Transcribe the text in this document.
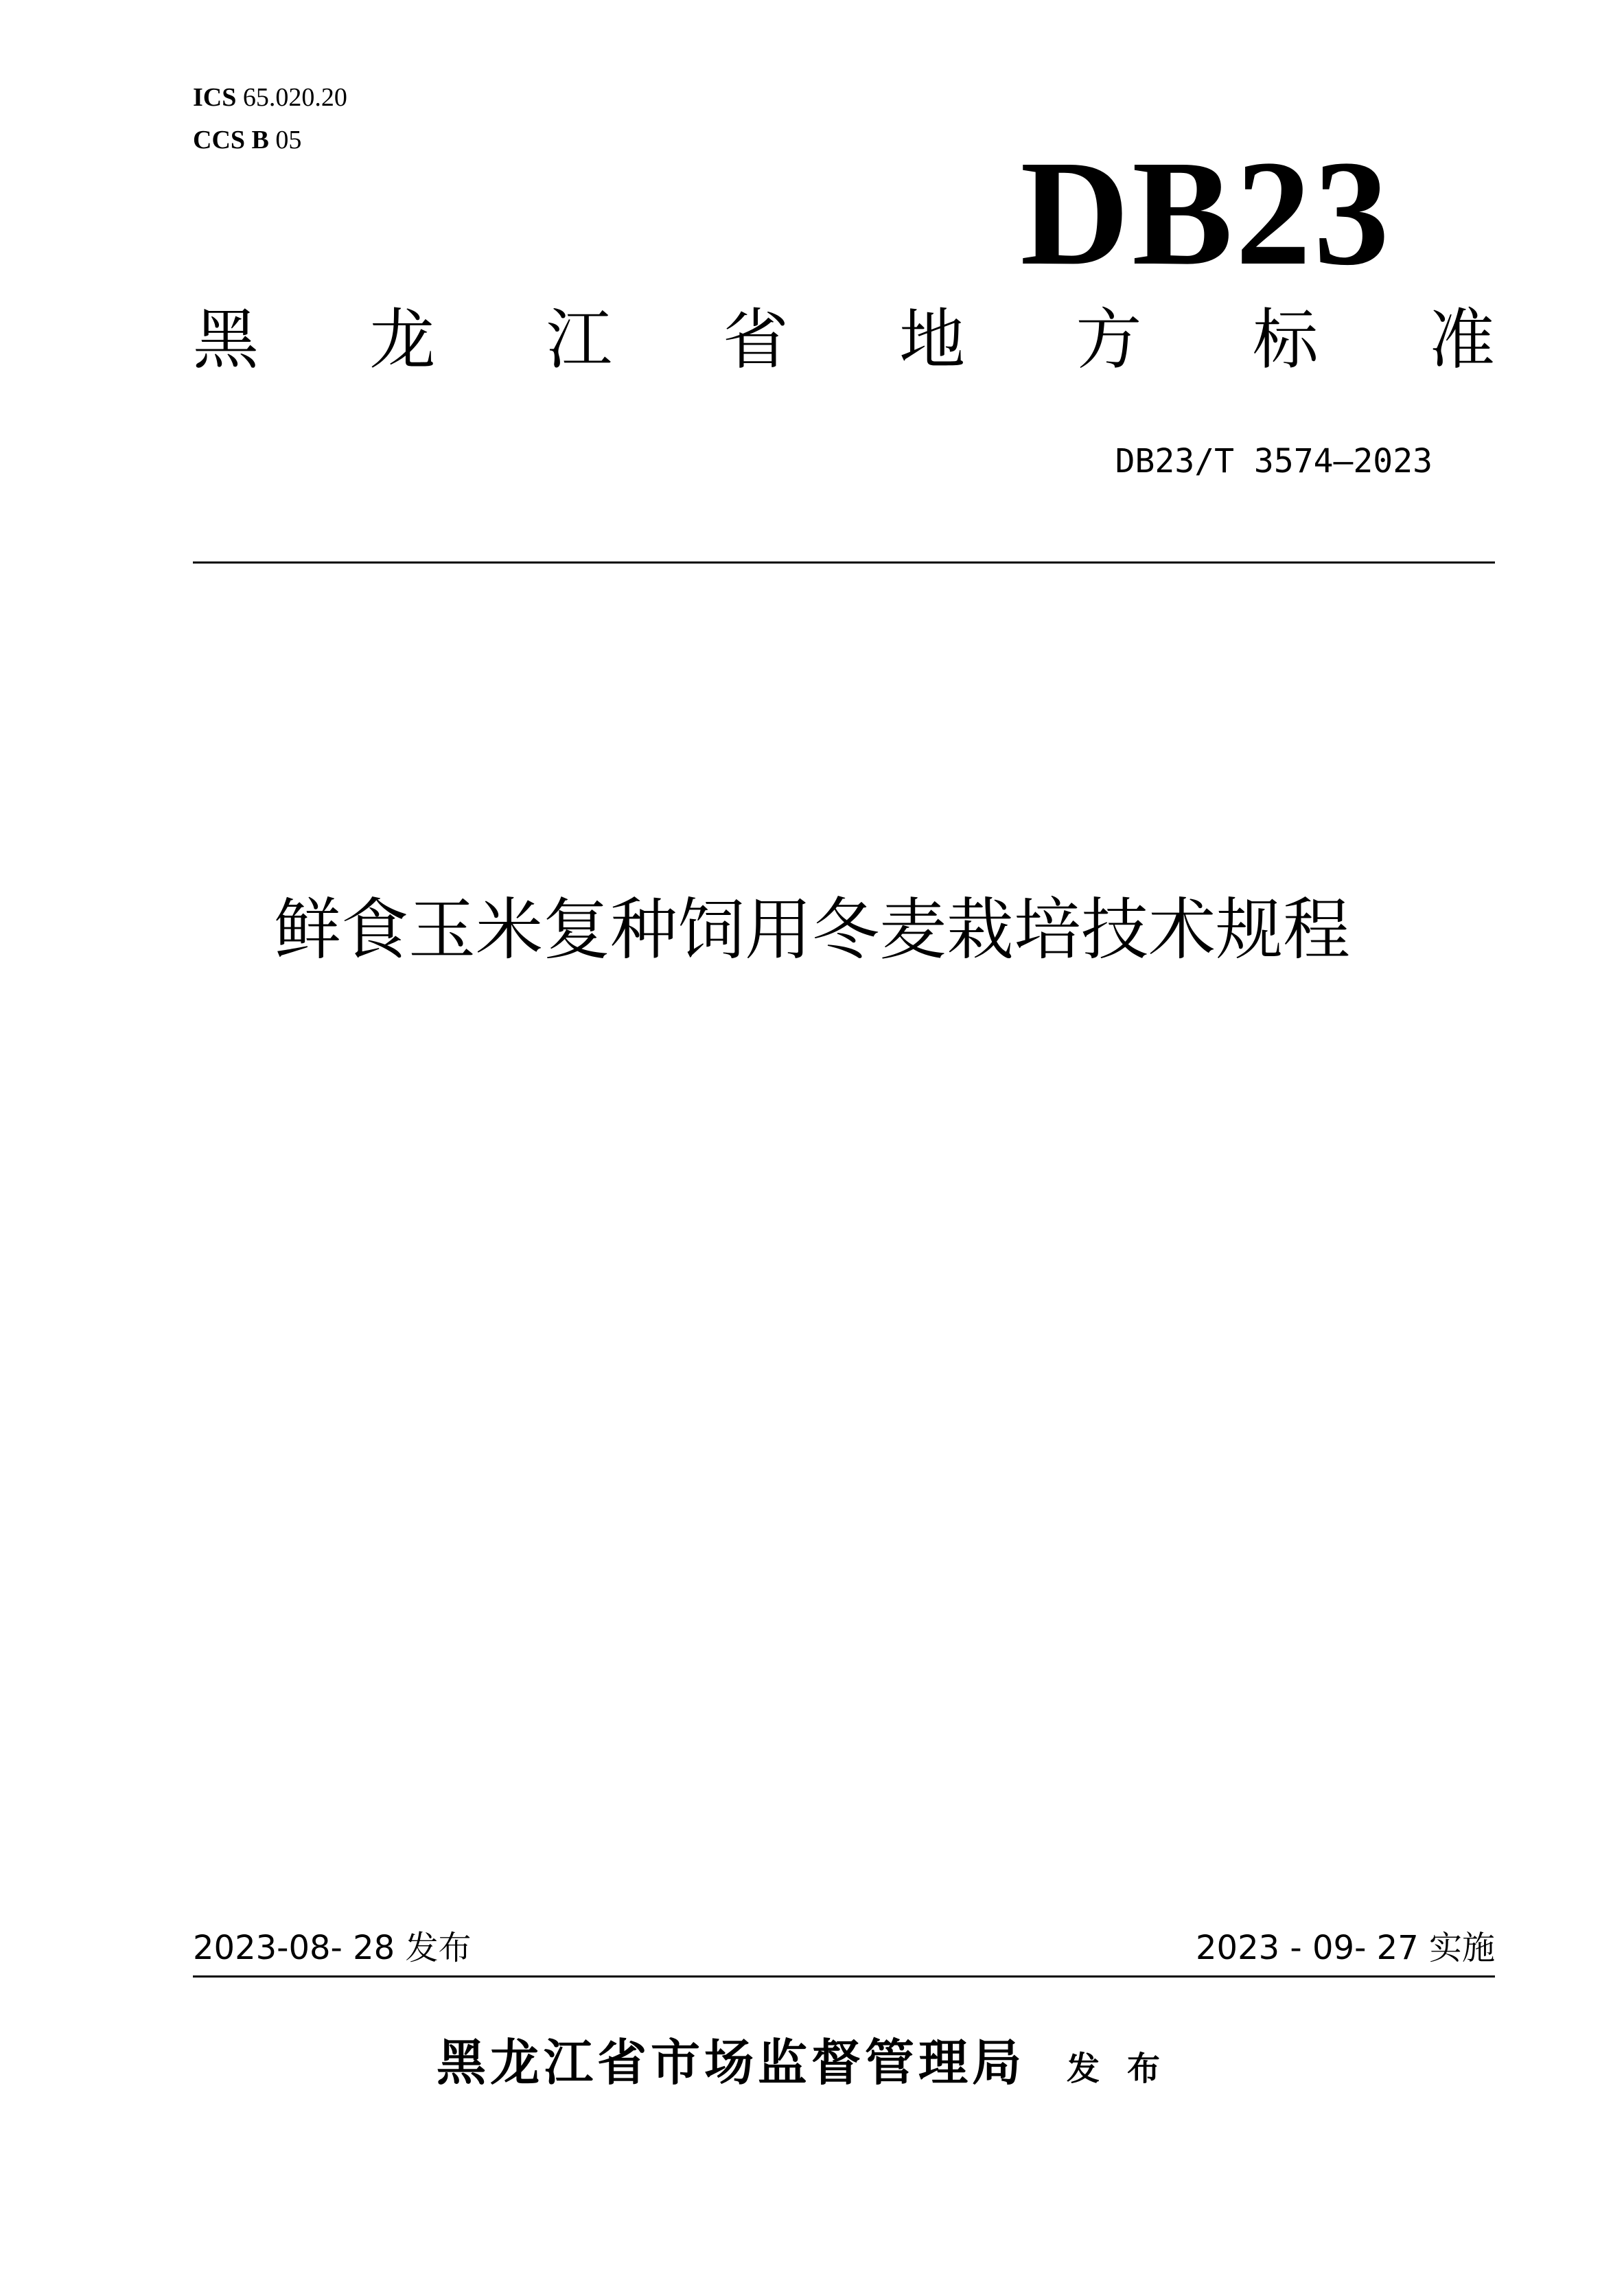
ICS 65.020.20
CCS B 05	DB23
黑 龙 江 省 地 方 标 准
DB23/T 3574—2023
鲜食玉米复种饲用冬麦栽培技术规程
2023-08- 28 发布	2023 - 09- 27 实施
黑龙江省市场监督管理局 发布
